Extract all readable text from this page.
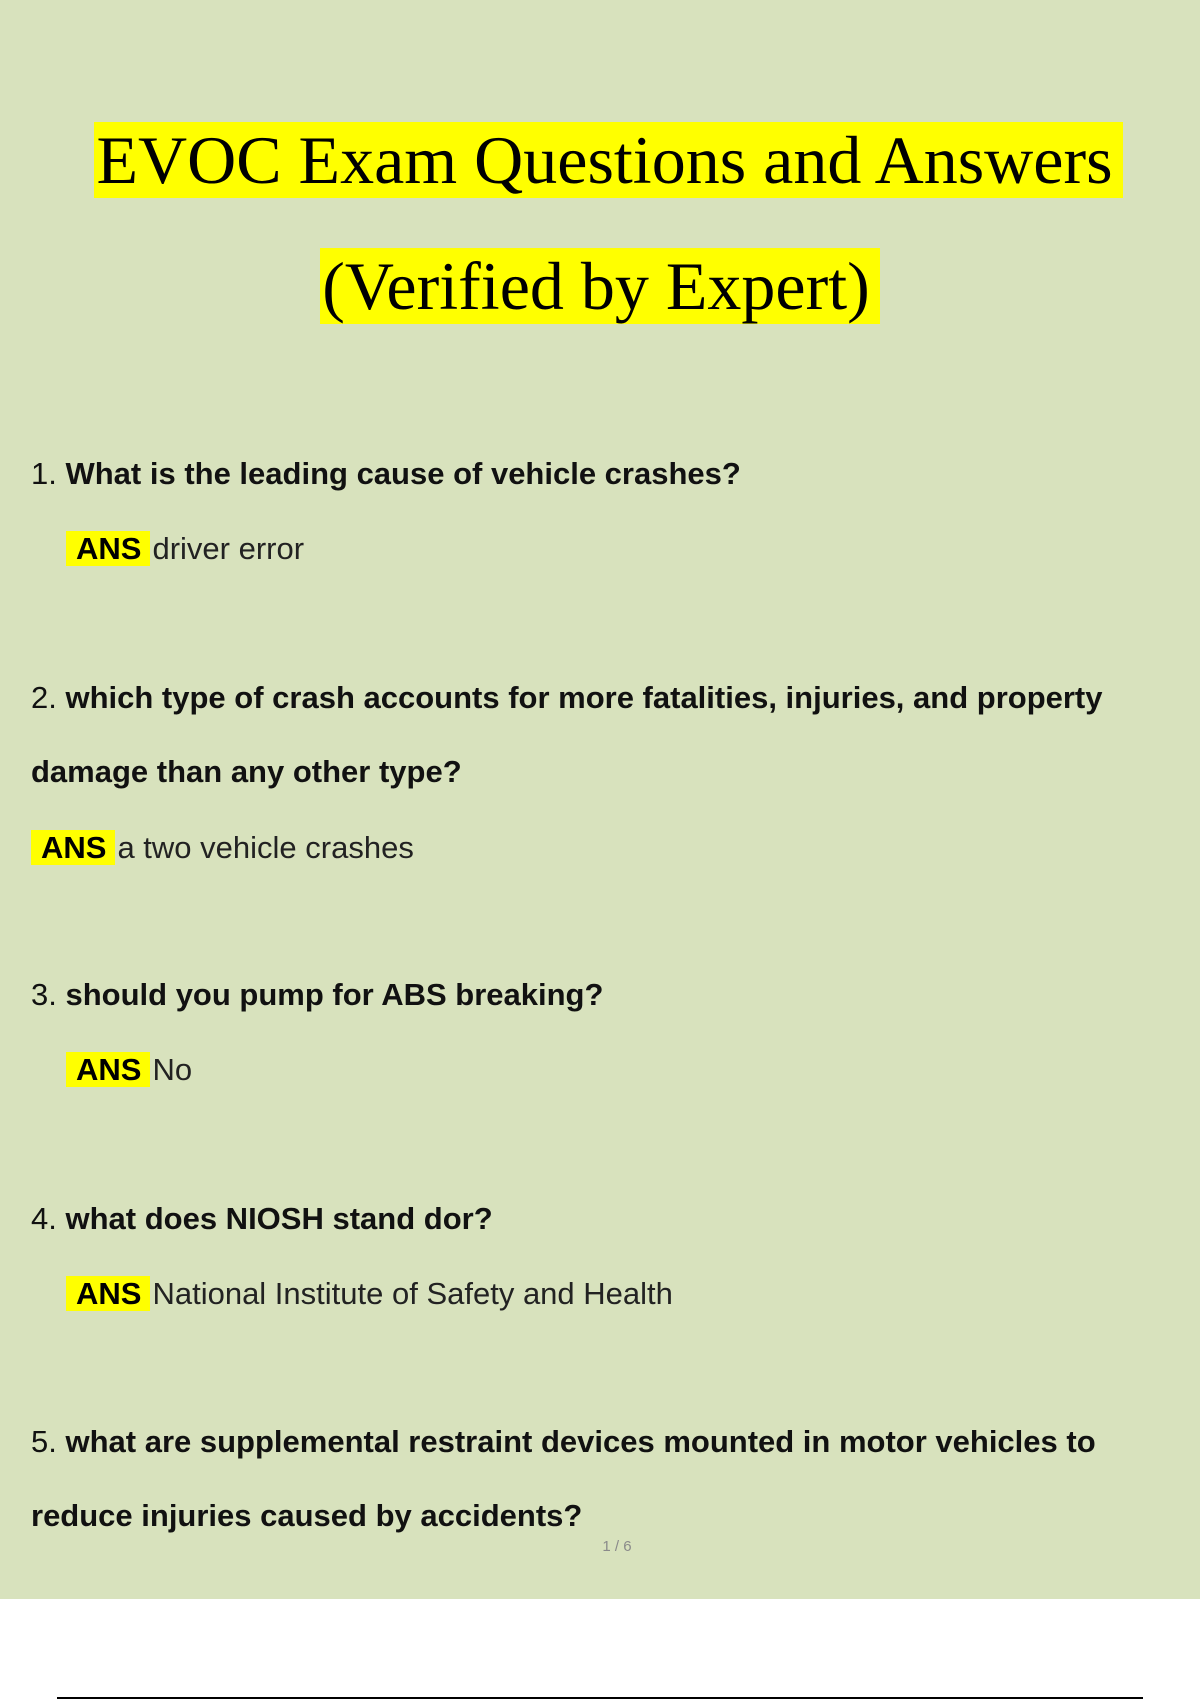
EVOC Exam Questions and Answers
(Verified by Expert)
1. What is the leading cause of vehicle crashes?
ANS driver error
2. which type of crash accounts for more fatalities, injuries, and property damage than any other type?
ANS a two vehicle crashes
3. should you pump for ABS breaking?
ANS No
4. what does NIOSH stand dor?
ANS National Institute of Safety and Health
5. what are supplemental restraint devices mounted in motor vehicles to reduce injuries caused by accidents?
1 / 6
